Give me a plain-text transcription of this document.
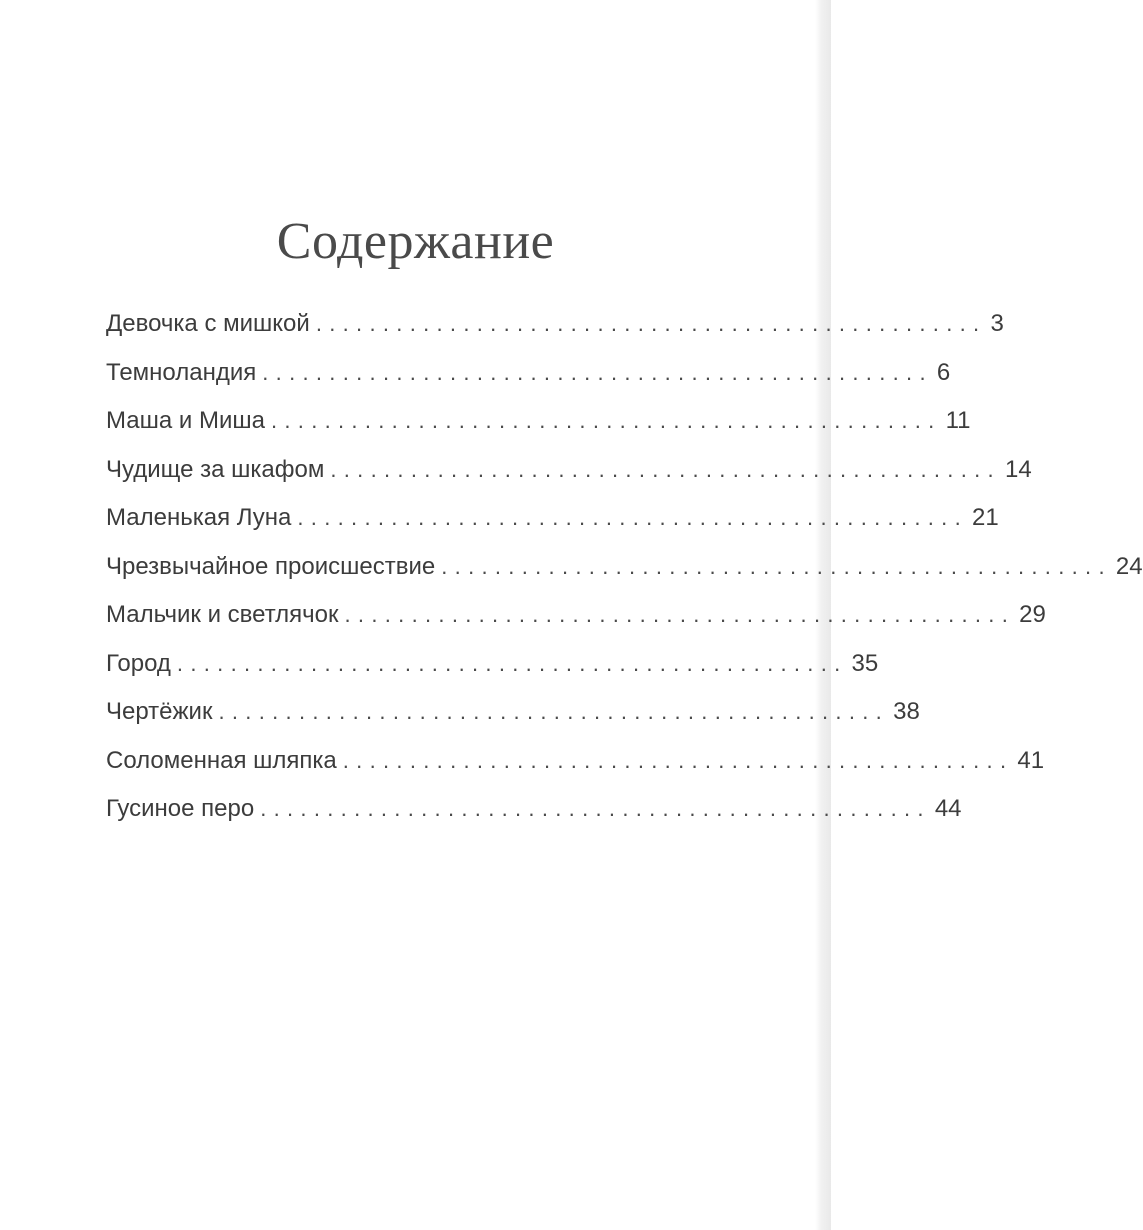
Содержание
Девочка с мишкой .................................................. 3
Темноландия .................................................. 6
Маша и Миша .................................................. 11
Чудище за шкафом .................................................. 14
Маленькая Луна .................................................. 21
Чрезвычайное происшествие .................................................. 24
Мальчик и светлячок .................................................. 29
Город .................................................. 35
Чертёжик .................................................. 38
Соломенная шляпка .................................................. 41
Гусиное перо .................................................. 44
